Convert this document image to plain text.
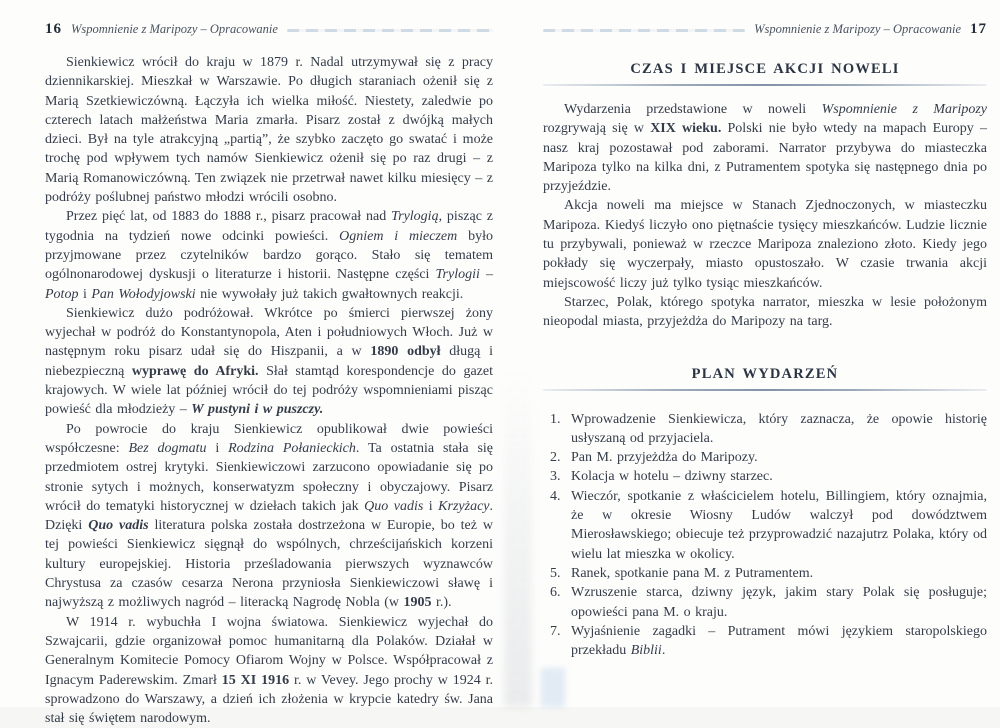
16 Wspomnienie z Maripozy – Opracowanie

Sienkiewicz wrócił do kraju w 1879 r. Nadal utrzymywał się z pracy dziennikarskiej. Mieszkał w Warszawie. Po długich staraniach ożenił się z Marią Szetkiewiczówną. Łączyła ich wielka miłość. Niestety, zaledwie po czterech latach małżeństwa Maria zmarła. Pisarz został z dwójką małych dzieci. Był na tyle atrakcyjną „partią”, że szybko zaczęto go swatać i może trochę pod wpływem tych namów Sienkiewicz ożenił się po raz drugi – z Marią Romanowiczówną. Ten związek nie przetrwał nawet kilku miesięcy – z podróży poślubnej państwo młodzi wrócili osobno.

Przez pięć lat, od 1883 do 1888 r., pisarz pracował nad Trylogią, pisząc z tygodnia na tydzień nowe odcinki powieści. Ogniem i mieczem było przyjmowane przez czytelników bardzo gorąco. Stało się tematem ogólnonarodowej dyskusji o literaturze i historii. Następne części Trylogii – Potop i Pan Wołodyjowski nie wywołały już takich gwałtownych reakcji.

Sienkiewicz dużo podróżował. Wkrótce po śmierci pierwszej żony wyjechał w podróż do Konstantynopola, Aten i południowych Włoch. Już w następnym roku pisarz udał się do Hiszpanii, a w 1890 odbył długą i niebezpieczną wyprawę do Afryki. Słał stamtąd korespondencje do gazet krajowych. W wiele lat później wrócił do tej podróży wspomnieniami pisząc powieść dla młodzieży – W pustyni i w puszczy.

Po powrocie do kraju Sienkiewicz opublikował dwie powieści współczesne: Bez dogmatu i Rodzina Połanieckich. Ta ostatnia stała się przedmiotem ostrej krytyki. Sienkiewiczowi zarzucono opowiadanie się po stronie sytych i możnych, konserwatyzm społeczny i obyczajowy. Pisarz wrócił do tematyki historycznej w dziełach takich jak Quo vadis i Krzyżacy. Dzięki Quo vadis literatura polska została dostrzeżona w Europie, bo też w tej powieści Sienkiewicz sięgnął do wspólnych, chrześcijańskich korzeni kultury europejskiej. Historia prześladowania pierwszych wyznawców Chrystusa za czasów cesarza Nerona przyniosła Sienkiewiczowi sławę i najwyższą z możliwych nagród – literacką Nagrodę Nobla (w 1905 r.).

W 1914 r. wybuchła I wojna światowa. Sienkiewicz wyjechał do Szwajcarii, gdzie organizował pomoc humanitarną dla Polaków. Działał w Generalnym Komitecie Pomocy Ofiarom Wojny w Polsce. Współpracował z Ignacym Paderewskim. Zmarł 15 XI 1916 r. w Vevey. Jego prochy w 1924 r. sprowadzono do Warszawy, a dzień ich złożenia w krypcie katedry św. Jana stał się świętem narodowym.

Wspomnienie z Maripozy – Opracowanie 17
CZAS I MIEJSCE AKCJI NOWELI

Wydarzenia przedstawione w noweli Wspomnienie z Maripozy rozgrywają się w XIX wieku. Polski nie było wtedy na mapach Europy – nasz kraj pozostawał pod zaborami. Narrator przybywa do miasteczka Maripoza tylko na kilka dni, z Putramentem spotyka się następnego dnia po przyjeździe.

Akcja noweli ma miejsce w Stanach Zjednoczonych, w miasteczku Maripoza. Kiedyś liczyło ono piętnaście tysięcy mieszkańców. Ludzie licznie tu przybywali, ponieważ w rzeczce Maripoza znaleziono złoto. Kiedy jego pokłady się wyczerpały, miasto opustoszało. W czasie trwania akcji miejscowość liczy już tylko tysiąc mieszkańców.

Starzec, Polak, którego spotyka narrator, mieszka w lesie położonym nieopodal miasta, przyjeżdża do Maripozy na targ.

PLAN WYDARZEŃ
1. Wprowadzenie Sienkiewicza, który zaznacza, że opowie historię usłyszaną od przyjaciela.
2. Pan M. przyjeżdża do Maripozy.
3. Kolacja w hotelu – dziwny starzec.
4. Wieczór, spotkanie z właścicielem hotelu, Billingiem, który oznajmia, że w okresie Wiosny Ludów walczył pod dowództwem Mierosławskiego; obiecuje też przyprowadzić nazajutrz Polaka, który od wielu lat mieszka w okolicy.
5. Ranek, spotkanie pana M. z Putramentem.
6. Wzruszenie starca, dziwny język, jakim stary Polak się posługuje; opowieści pana M. o kraju.
7. Wyjaśnienie zagadki – Putrament mówi językiem staropolskiego przekładu Biblii.
